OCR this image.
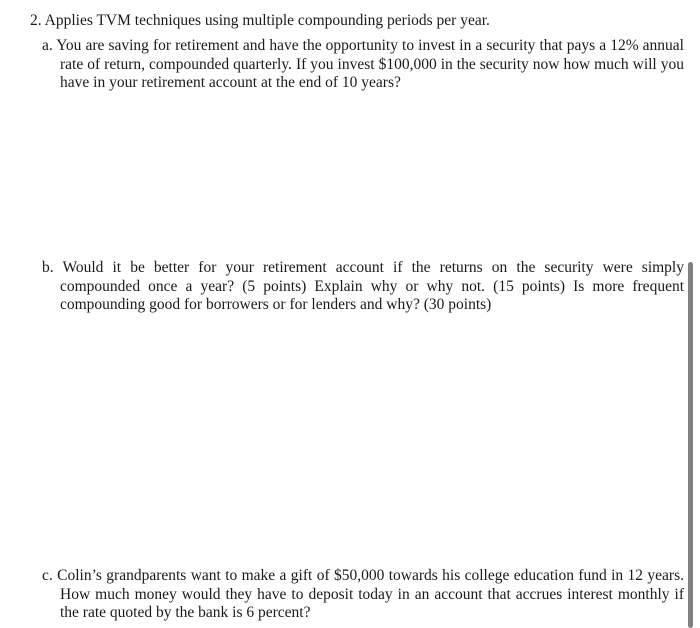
2. Applies TVM techniques using multiple compounding periods per year.
a. You are saving for retirement and have the opportunity to invest in a security that pays a 12% annual rate of return, compounded quarterly. If you invest $100,000 in the security now how much will you have in your retirement account at the end of 10 years?
b. Would it be better for your retirement account if the returns on the security were simply compounded once a year? (5 points) Explain why or why not. (15 points) Is more frequent compounding good for borrowers or for lenders and why? (30 points)
c. Colin’s grandparents want to make a gift of $50,000 towards his college education fund in 12 years. How much money would they have to deposit today in an account that accrues interest monthly if the rate quoted by the bank is 6 percent?
